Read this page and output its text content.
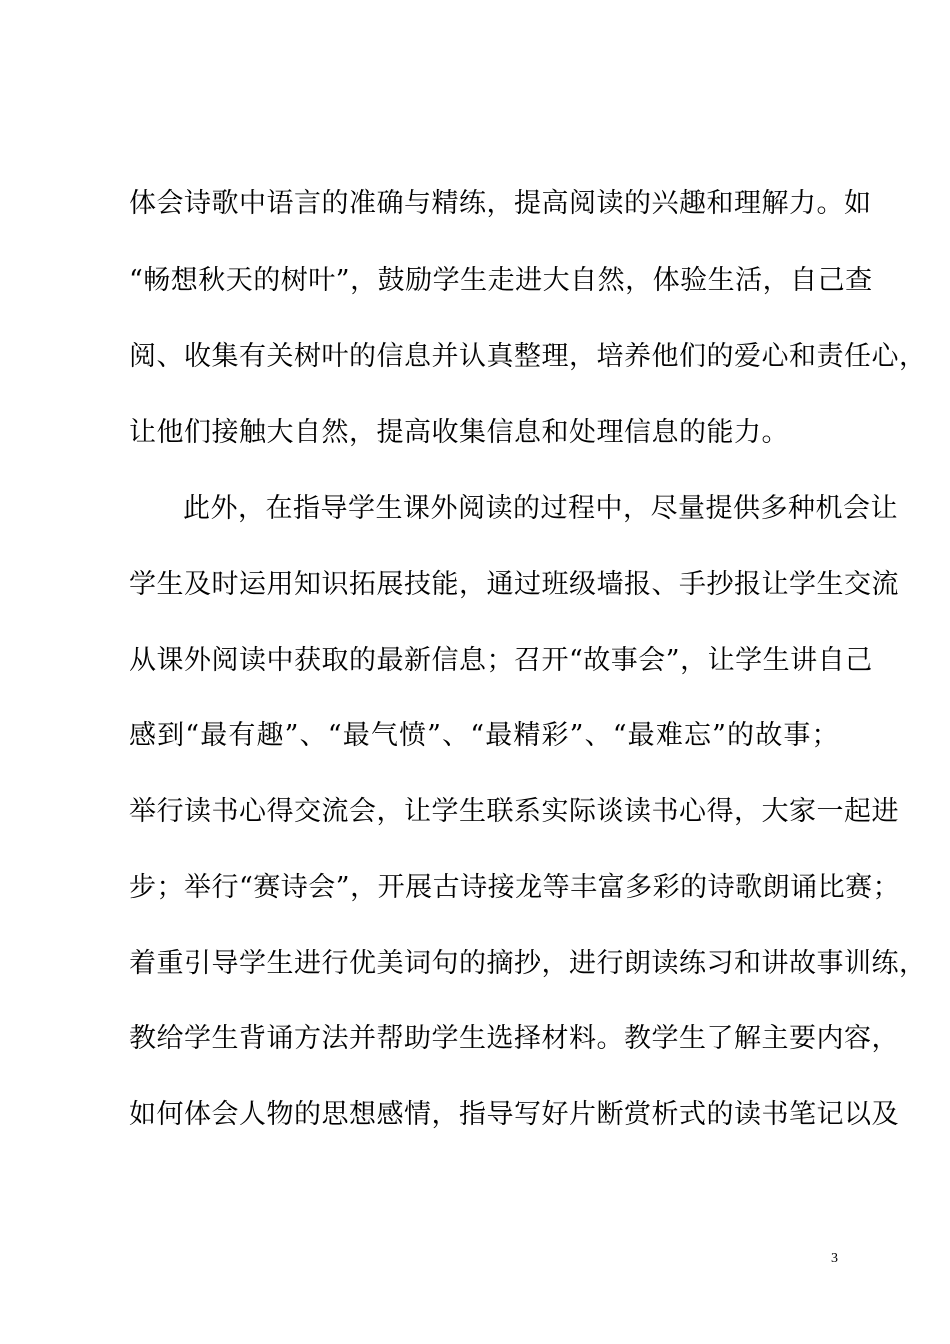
体会诗歌中语言的准确与精练，提高阅读的兴趣和理解力。如
“畅想秋天的树叶”，鼓励学生走进大自然，体验生活，自己查
阅、收集有关树叶的信息并认真整理，培养他们的爱心和责任心，
让他们接触大自然，提高收集信息和处理信息的能力。
此外，在指导学生课外阅读的过程中，尽量提供多种机会让
学生及时运用知识拓展技能，通过班级墙报、手抄报让学生交流
从课外阅读中获取的最新信息；召开“故事会”，让学生讲自己
感到“最有趣”、“最气愤”、“最精彩”、“最难忘”的故事；
举行读书心得交流会，让学生联系实际谈读书心得，大家一起进
步；举行“赛诗会”，开展古诗接龙等丰富多彩的诗歌朗诵比赛；
着重引导学生进行优美词句的摘抄，进行朗读练习和讲故事训练，
教给学生背诵方法并帮助学生选择材料。教学生了解主要内容，
如何体会人物的思想感情，指导写好片断赏析式的读书笔记以及
3
